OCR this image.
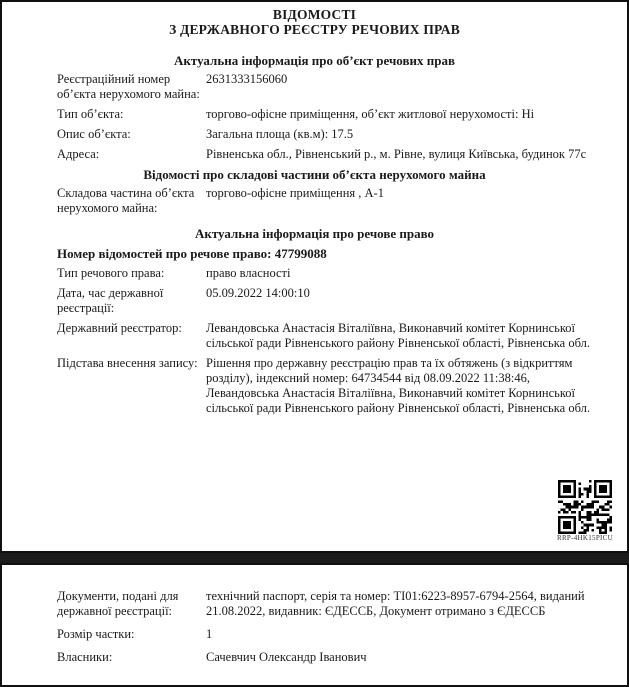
ВІДОМОСТІ
З ДЕРЖАВНОГО РЕЄСТРУ РЕЧОВИХ ПРАВ
Актуальна інформація про об’єкт речових прав
Реєстраційний номер об’єкта нерухомого майна:
2631333156060
Тип об’єкта:	торгово-офісне приміщення, об’єкт житлової нерухомості: Ні
Опис об’єкта:	Загальна площа (кв.м): 17.5
Адреса:	Рівненська обл., Рівненський р., м. Рівне, вулиця Київська, будинок 77с
Відомості про складові частини об’єкта нерухомого майна
Складова частина об’єкта нерухомого майна:
торгово-офісне приміщення , А-1
Актуальна інформація про речове право
Номер відомостей про речове право: 47799088
Тип речового права:	право власності
Дата, час державної реєстрації:
05.09.2022 14:00:10
Державний реєстратор:	Левандовська Анастасія Віталіївна, Виконавчий комітет Корнинської сільської ради Рівненського району Рівненської області, Рівненська обл.
Підстава внесення запису: Рішення про державну реєстрацію прав та їх обтяжень (з відкриттям розділу), індексний номер: 64734544 від 08.09.2022 11:38:46, Левандовська Анастасія Віталіївна, Виконавчий комітет Корнинської сільської ради Рівненського району Рівненської області, Рівненська обл.
RRP-4HK15PICU
Документи, подані для державної реєстрації:
технічний паспорт, серія та номер: ТІ01:6223-8957-6794-2564, виданий 21.08.2022, видавник: ЄДЕССБ, Документ отримано з ЄДЕССБ
Розмір частки:	1
Власники:	Сачевчич Олександр Іванович
